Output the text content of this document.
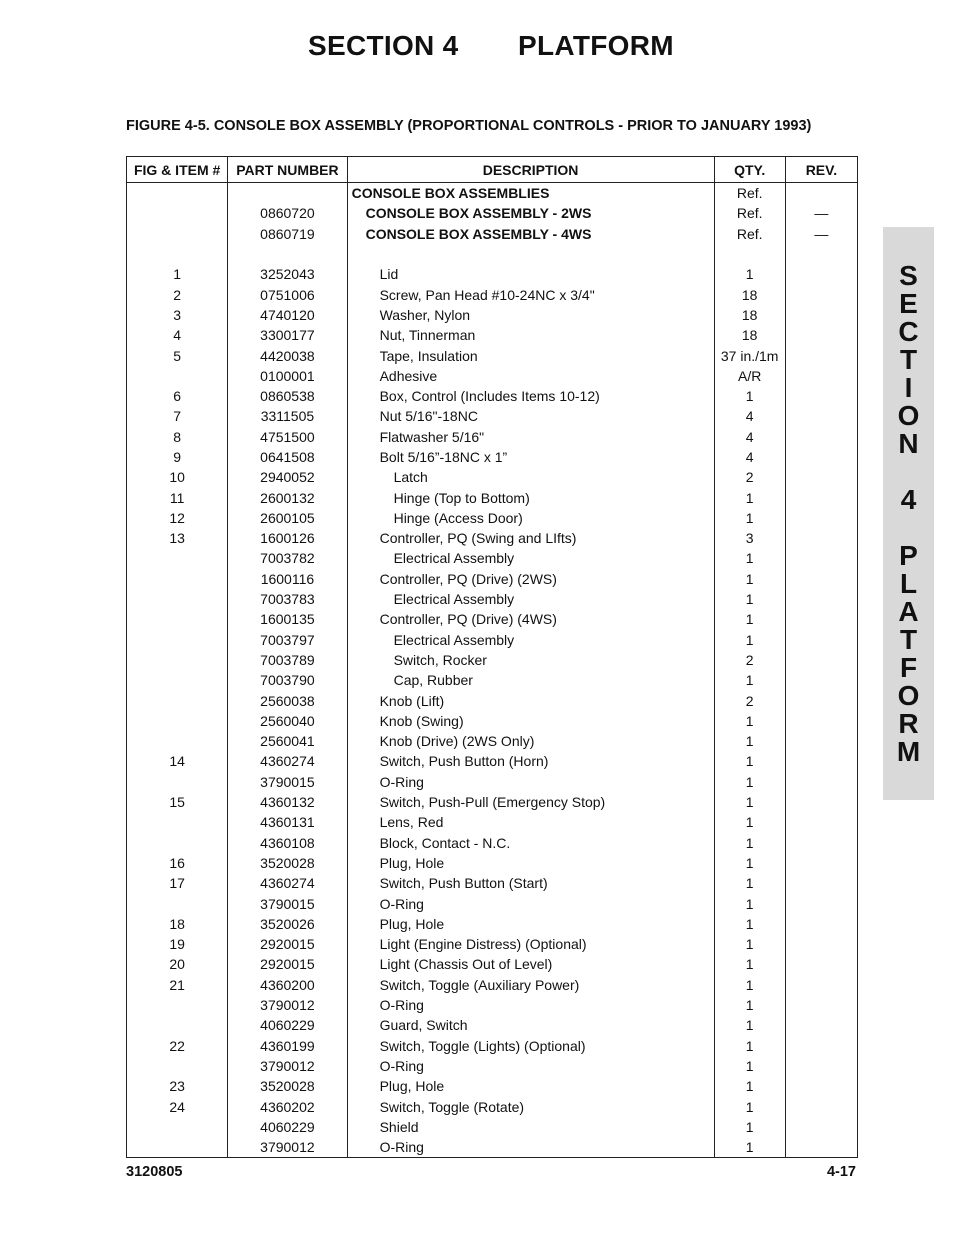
SECTION 4 PLATFORM
FIGURE 4-5. CONSOLE BOX ASSEMBLY (PROPORTIONAL CONTROLS - PRIOR TO JANUARY 1993)
FIG & ITEM #	PART NUMBER	DESCRIPTION	QTY.	REV.
		CONSOLE BOX ASSEMBLIES	Ref.	
	0860720	CONSOLE BOX ASSEMBLY - 2WS	Ref.	—
	0860719	CONSOLE BOX ASSEMBLY - 4WS	Ref.	—

1	3252043	Lid	1	
2	0751006	Screw, Pan Head #10-24NC x 3/4"	18	
3	4740120	Washer, Nylon	18	
4	3300177	Nut, Tinnerman	18	
5	4420038	Tape, Insulation	37 in./1m	
	0100001	Adhesive	A/R	
6	0860538	Box, Control (Includes Items 10-12)	1	
7	3311505	Nut 5/16"-18NC	4	
8	4751500	Flatwasher 5/16"	4	
9	0641508	Bolt 5/16”-18NC x 1”	4	
10	2940052	Latch	2	
11	2600132	Hinge (Top to Bottom)	1	
12	2600105	Hinge (Access Door)	1	
13	1600126	Controller, PQ (Swing and LIfts)	3	
	7003782	Electrical Assembly	1	
	1600116	Controller, PQ (Drive) (2WS)	1	
	7003783	Electrical Assembly	1	
	1600135	Controller, PQ (Drive) (4WS)	1	
	7003797	Electrical Assembly	1	
	7003789	Switch, Rocker	2	
	7003790	Cap, Rubber	1	
	2560038	Knob (Lift)	2	
	2560040	Knob (Swing)	1	
	2560041	Knob (Drive) (2WS Only)	1	
14	4360274	Switch, Push Button (Horn)	1	
	3790015	O-Ring	1	
15	4360132	Switch, Push-Pull (Emergency Stop)	1	
	4360131	Lens, Red	1	
	4360108	Block, Contact - N.C.	1	
16	3520028	Plug, Hole	1	
17	4360274	Switch, Push Button (Start)	1	
	3790015	O-Ring	1	
18	3520026	Plug, Hole	1	
19	2920015	Light (Engine Distress) (Optional)	1	
20	2920015	Light (Chassis Out of Level)	1	
21	4360200	Switch, Toggle (Auxiliary Power)	1	
	3790012	O-Ring	1	
	4060229	Guard, Switch	1	
22	4360199	Switch, Toggle (Lights) (Optional)	1	
	3790012	O-Ring	1	
23	3520028	Plug, Hole	1	
24	4360202	Switch, Toggle (Rotate)	1	
	4060229	Shield	1	
	3790012	O-Ring	1	
S
E
C
T
I
O
N
4
P
L
A
T
F
O
R
M
3120805	4-17
